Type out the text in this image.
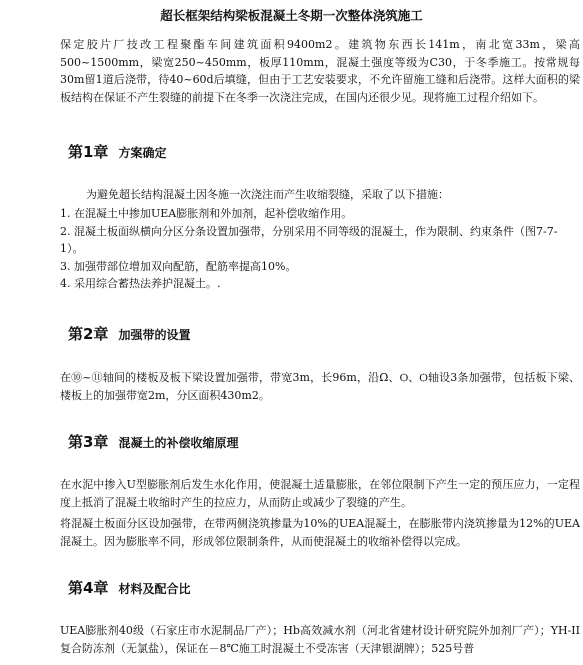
超长框架结构梁板混凝土冬期一次整体浇筑施工

保定胶片厂技改工程聚酯车间建筑面积9400m2。建筑物东西长141m，南北宽33m，梁高500~1500mm，梁宽250~450mm，板厚110mm，混凝土强度等级为C30，于冬季施工。按常规每30m留1道后浇带，待40~60d后填缝，但由于工艺安装要求，不允许留施工缝和后浇带。这样大面积的梁板结构在保证不产生裂缝的前提下在冬季一次浇注完成，在国内还很少见。现将施工过程介绍如下。

第1章 方案确定
为避免超长结构混凝土因冬施一次浇注而产生收缩裂缝，采取了以下措施：
1. 在混凝土中掺加UEA膨胀剂和外加剂，起补偿收缩作用。
2. 混凝土板面纵横向分区分条设置加强带，分别采用不同等级的混凝土，作为限制、约束条件（图7-7-1）。
3. 加强带部位增加双向配筋，配筋率提高10%。
4. 采用综合蓄热法养护混凝土。.
第2章 加强带的设置

在⑩~⑪轴间的楼板及板下梁设置加强带，带宽3m，长96m，沿Ω、Ѻ、Ѻ轴设3条加强带，包括板下梁、楼板上的加强带宽2m，分区面积430m2。

第3章 混凝土的补偿收缩原理

在水泥中掺入U型膨胀剂后发生水化作用，使混凝土适量膨胀，在邻位限制下产生一定的预压应力，一定程度上抵消了混凝土收缩时产生的拉应力，从而防止或减少了裂缝的产生。

将混凝土板面分区设加强带，在带两侧浇筑掺量为10%的UEA混凝土，在膨胀带内浇筑掺量为12%的UEA混凝土。因为膨胀率不同，形成邻位限制条件，从而使混凝土的收缩补偿得以完成。

第4章 材料及配合比

UEA膨胀剂40级（石家庄市水泥制品厂产）；Hb高效减水剂（河北省建材设计研究院外加剂厂产）；YH-II复合防冻剂（无氯盐），保证在－8℃施工时混凝土不受冻害（天津银湖牌）；525号普
